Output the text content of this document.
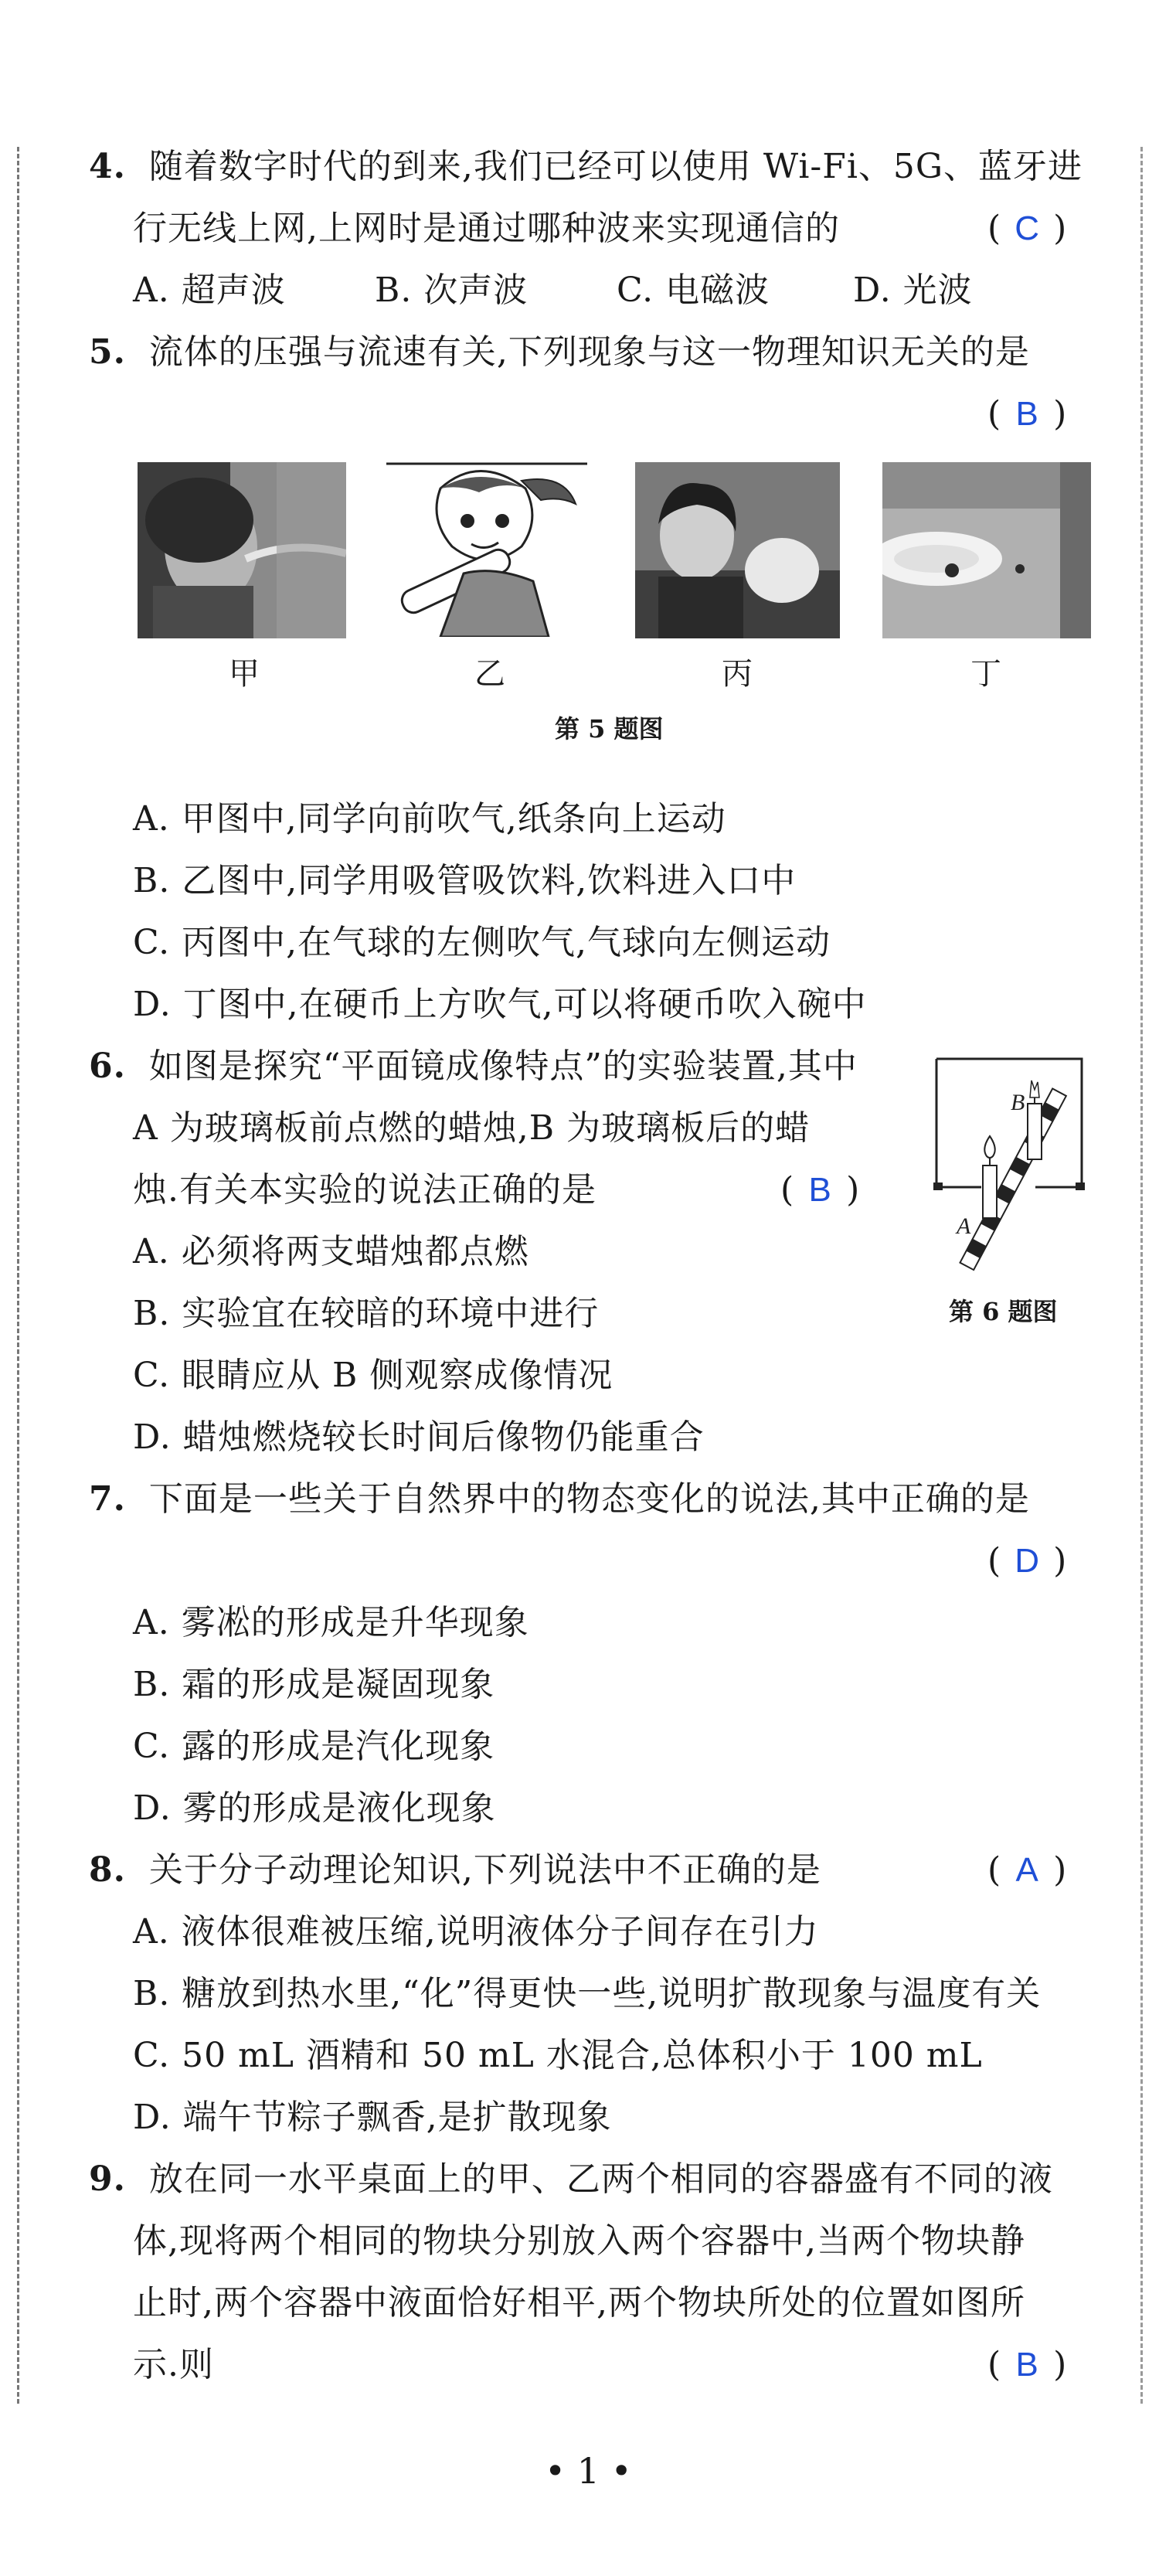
4. 随着数字时代的到来,我们已经可以使用 Wi-Fi、5G、蓝牙进
行无线上网,上网时是通过哪种波来实现通信的	( C )
A. 超声波	B. 次声波	C. 电磁波 D. 光波
5. 流体的压强与流速有关,下列现象与这一物理知识无关的是
( B )
甲	乙	丙	丁
第 5 题图
A. 甲图中,同学向前吹气,纸条向上运动
B. 乙图中,同学用吸管吸饮料,饮料进入口中
C. 丙图中,在气球的左侧吹气,气球向左侧运动
D. 丁图中,在硬币上方吹气,可以将硬币吹入碗中
6. 如图是探究“平面镜成像特点”的实验装置,其中
A 为玻璃板前点燃的蜡烛,B 为玻璃板后的蜡
烛.有关本实验的说法正确的是	( B )
A. 必须将两支蜡烛都点燃
B. 实验宜在较暗的环境中进行
C. 眼睛应从 B 侧观察成像情况
D. 蜡烛燃烧较长时间后像物仍能重合
B
A
第 6 题图
7. 下面是一些关于自然界中的物态变化的说法,其中正确的是
( D )
A. 雾凇的形成是升华现象
B. 霜的形成是凝固现象
C. 露的形成是汽化现象
D. 雾的形成是液化现象
8. 关于分子动理论知识,下列说法中不正确的是	( A )
A. 液体很难被压缩,说明液体分子间存在引力
B. 糖放到热水里,“化”得更快一些,说明扩散现象与温度有关
C. 50 mL 酒精和 50 mL 水混合,总体积小于 100 mL
D. 端午节粽子飘香,是扩散现象
9. 放在同一水平桌面上的甲、乙两个相同的容器盛有不同的液
体,现将两个相同的物块分别放入两个容器中,当两个物块静
止时,两个容器中液面恰好相平,两个物块所处的位置如图所
示.则	( B )
• 1 •
